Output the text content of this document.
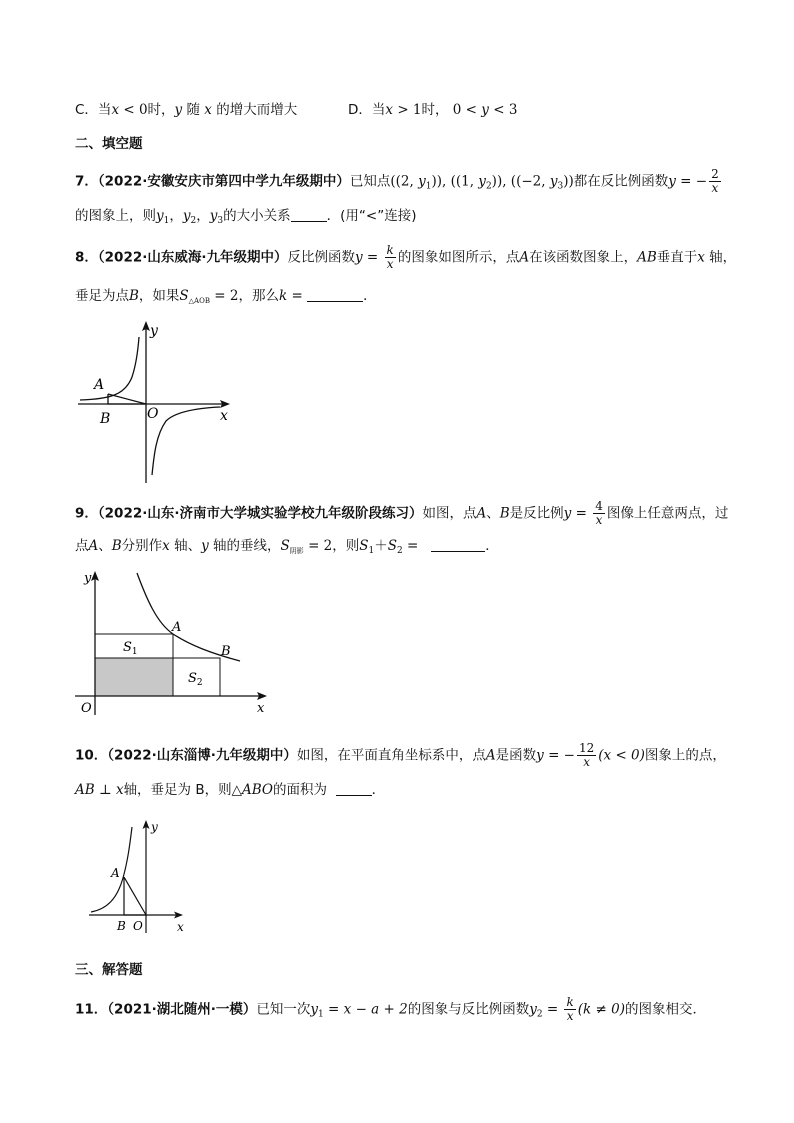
C．当x < 0时，y 随 x 的增大而增大	D．当x > 1时， 0 < y < 3
二、填空题
7．（2022·安徽安庆市第四中学九年级期中）已知点((2, $y_1$)), ((1, $y_2$)), ((−2, $y_3$))都在反比例函数y = − $\frac{2}{x}$
的图象上，则$y_1$，$y_2$，$y_3$的大小关系	．(用“<”连接)
8．（2022·山东威海·九年级期中）反比例函数$y = \frac{k}{x}$ 的图象如图所示，点A在该函数图象上，AB垂直于x 轴，
垂足为点B，如果$S_{\triangle AOB} = 2$，那么k =	．
A
B	O	x
y
9．（2022·山东·济南市大学城实验学校九年级阶段练习）如图，点A、B是反比例$y = \frac{4}{x}$ 图像上任意两点，过
点A、B分别作x 轴、y 轴的垂线，$S_{阴影} = 2$，则$S_1+S_2$ =	．
y
O	x
A
B
$S_1$
$S_2$
10．（2022·山东淄博·九年级期中）如图，在平面直角坐标系中，点A是函数y = − $\frac{12}{x} (x < 0)$图象上的点，
AB ⊥ x轴，垂足为 B，则△ABO的面积为	．
A
B O	x
y
三、解答题
11．（2021·湖北随州·一模）已知一次$y_1 = x - a + 2$的图象与反比例函数$y_2 = \frac{k}{x} (k \ne 0)$的图象相交．
